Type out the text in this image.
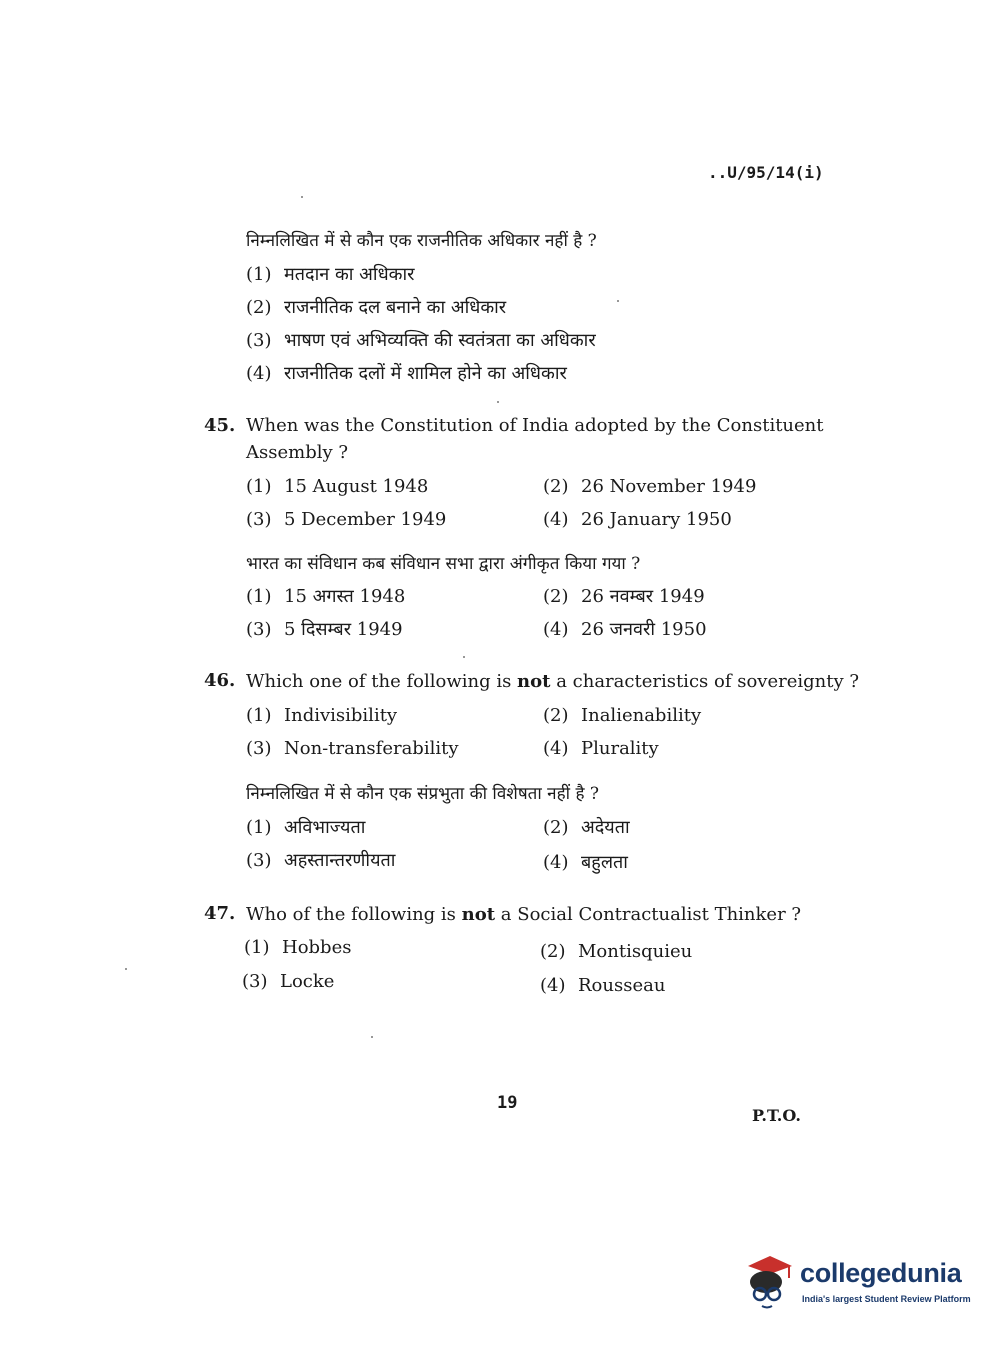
..U/95/14(i)
निम्नलिखित में से कौन एक राजनीतिक अधिकार नहीं है ?
(1) मतदान का अधिकार
(2) राजनीतिक दल बनाने का अधिकार
(3) भाषण एवं अभिव्यक्ति की स्वतंत्रता का अधिकार
(4) राजनीतिक दलों में शामिल होने का अधिकार
45. When was the Constitution of India adopted by the Constituent
Assembly ?
(1) 15 August 1948	(2) 26 November 1949
(3) 5 December 1949	(4) 26 January 1950
भारत का संविधान कब संविधान सभा द्वारा अंगीकृत किया गया ?
(1) 15 अगस्त 1948	(2) 26 नवम्बर 1949
(3) 5 दिसम्बर 1949	(4) 26 जनवरी 1950
46. Which one of the following is not a characteristics of sovereignty ?
(1) Indivisibility	(2) Inalienability
(3) Non-transferability	(4) Plurality
निम्नलिखित में से कौन एक संप्रभुता की विशेषता नहीं है ?
(1) अविभाज्यता	(2) अदेयता
(3) अहस्तान्तरणीयता	(4) बहुलता
47. Who of the following is not a Social Contractualist Thinker ?
(1) Hobbes	(2) Montisquieu
(3) Locke	(4) Rousseau
19
P.T.O.
collegedunia
India's largest Student Review Platform
